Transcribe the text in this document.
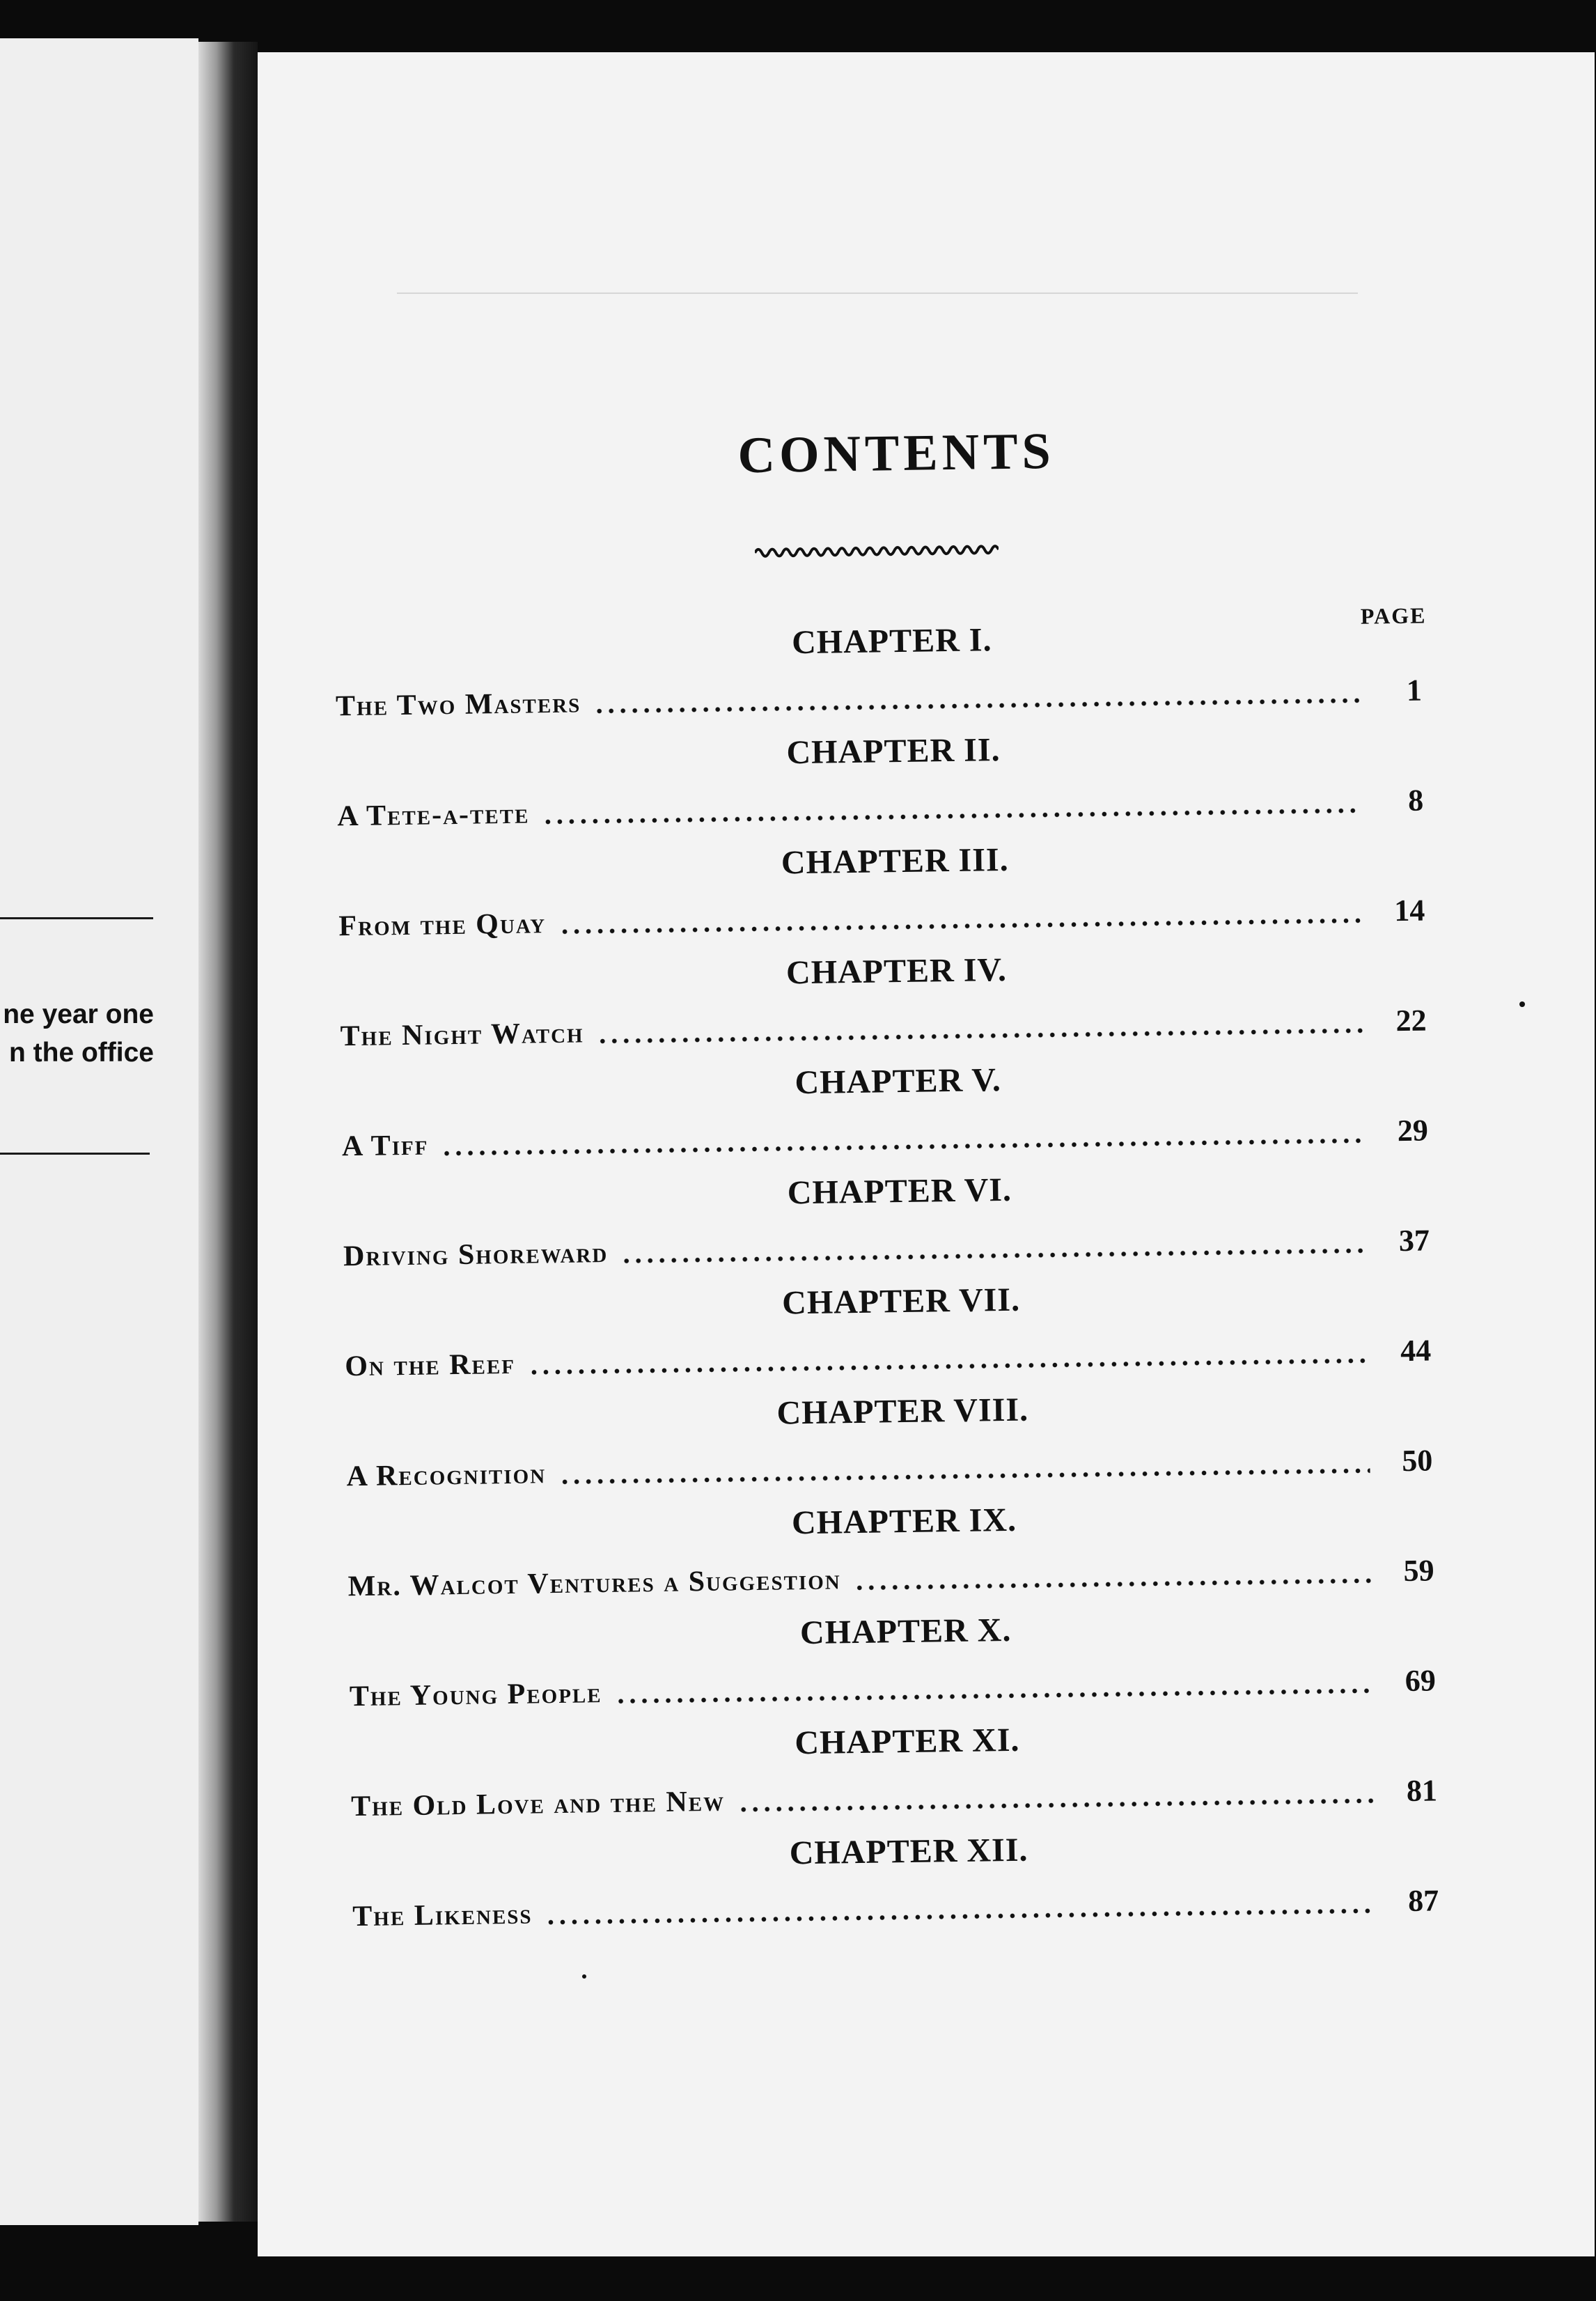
ne year one
n the office
CONTENTS
PAGE
CHAPTER I.
The Two Masters	1
CHAPTER II.
A Tete-a-tete	8
CHAPTER III.
From the Quay	14
CHAPTER IV.
The Night Watch	22
CHAPTER V.
A Tiff	29
CHAPTER VI.
Driving Shoreward	37
CHAPTER VII.
On the Reef	44
CHAPTER VIII.
A Recognition	50
CHAPTER IX.
Mr. Walcot Ventures a Suggestion	59
CHAPTER X.
The Young People	69
CHAPTER XI.
The Old Love and the New	81
CHAPTER XII.
The Likeness	87
